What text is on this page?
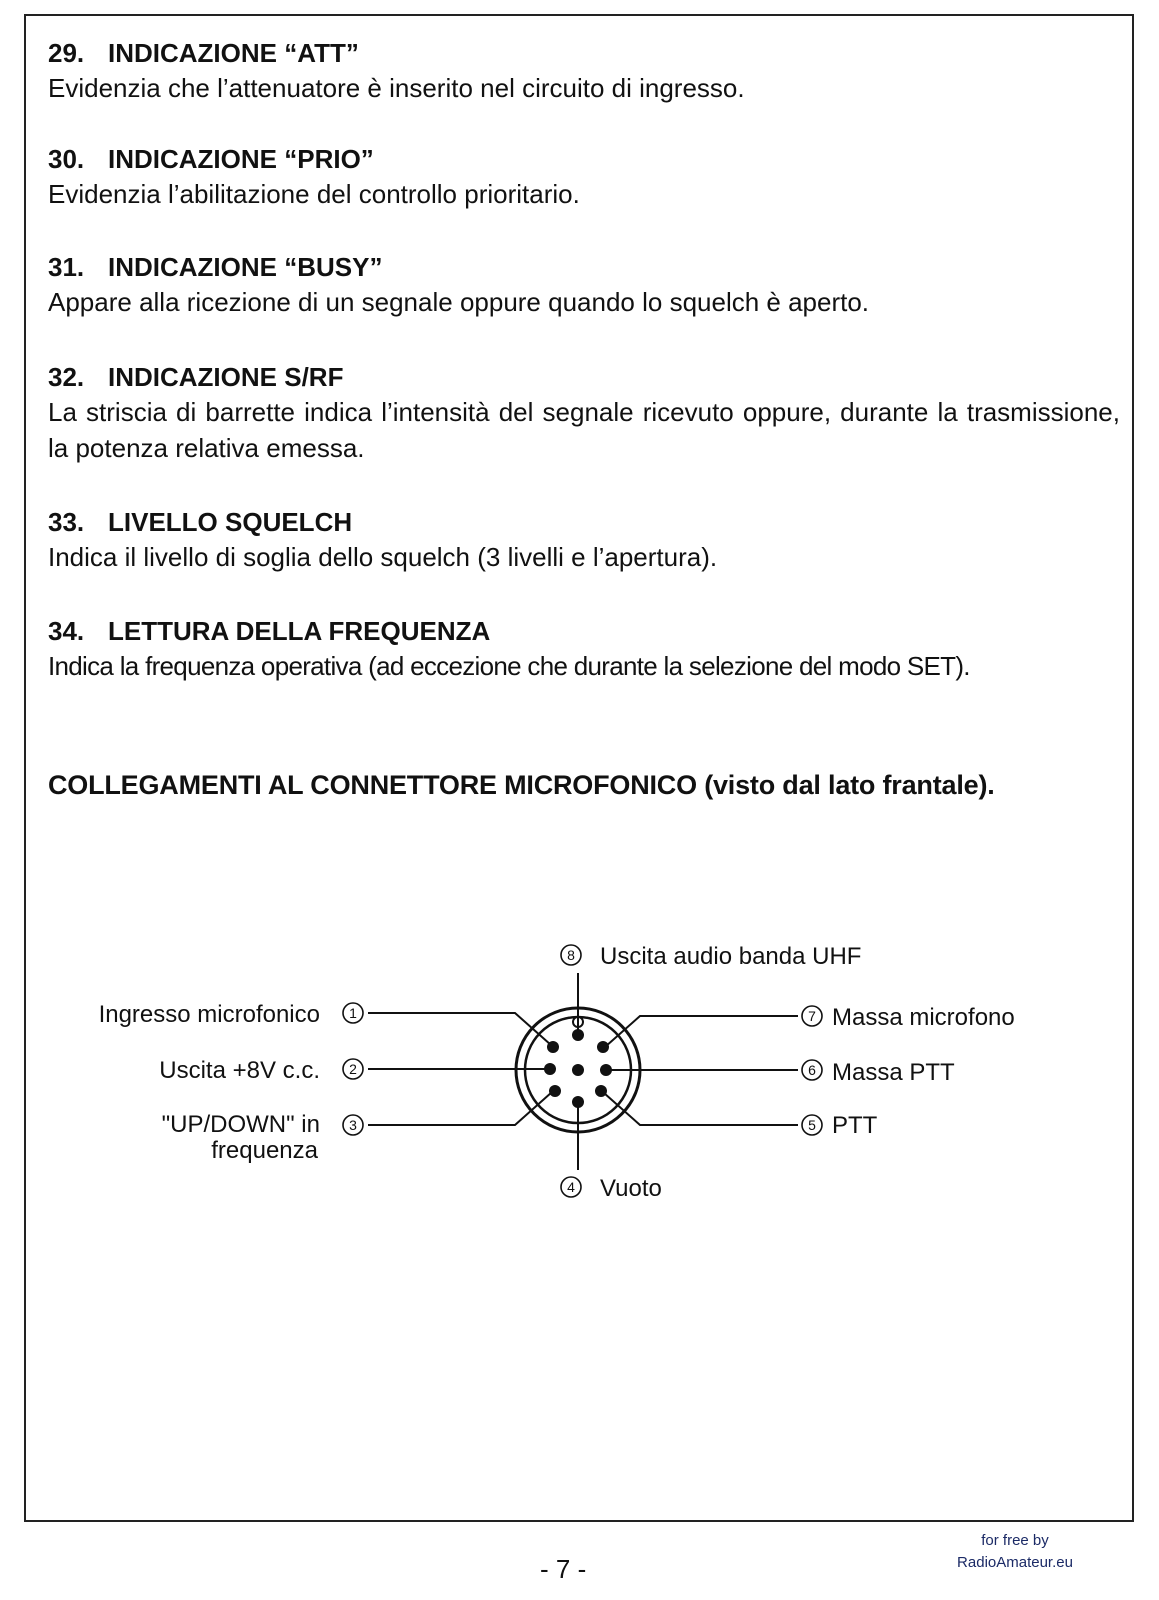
29. INDICAZIONE “ATT”

Evidenzia che l’attenuatore è inserito nel circuito di ingresso.

30. INDICAZIONE “PRIO”

Evidenzia l’abilitazione del controllo prioritario.

31. INDICAZIONE “BUSY”

Appare alla ricezione di un segnale oppure quando lo squelch è aperto.

32. INDICAZIONE S/RF

La striscia di barrette indica l’intensità del segnale ricevuto oppure, durante la trasmissione, la potenza relativa emessa.

33. LIVELLO SQUELCH

Indica il livello di soglia dello squelch (3 livelli e l’apertura).

34. LETTURA DELLA FREQUENZA

Indica la frequenza operativa (ad eccezione che durante la selezione del modo SET).

COLLEGAMENTI AL CONNETTORE MICROFONICO (visto dal lato frantale).
8
1
2
3
4
7
6
5
Uscita audio banda UHF
Ingresso microfonico
Uscita +8V c.c.
"UP/DOWN" in
frequenza
Vuoto
Massa microfono
Massa PTT
PTT
for free by
RadioAmateur.eu
- 7 -
